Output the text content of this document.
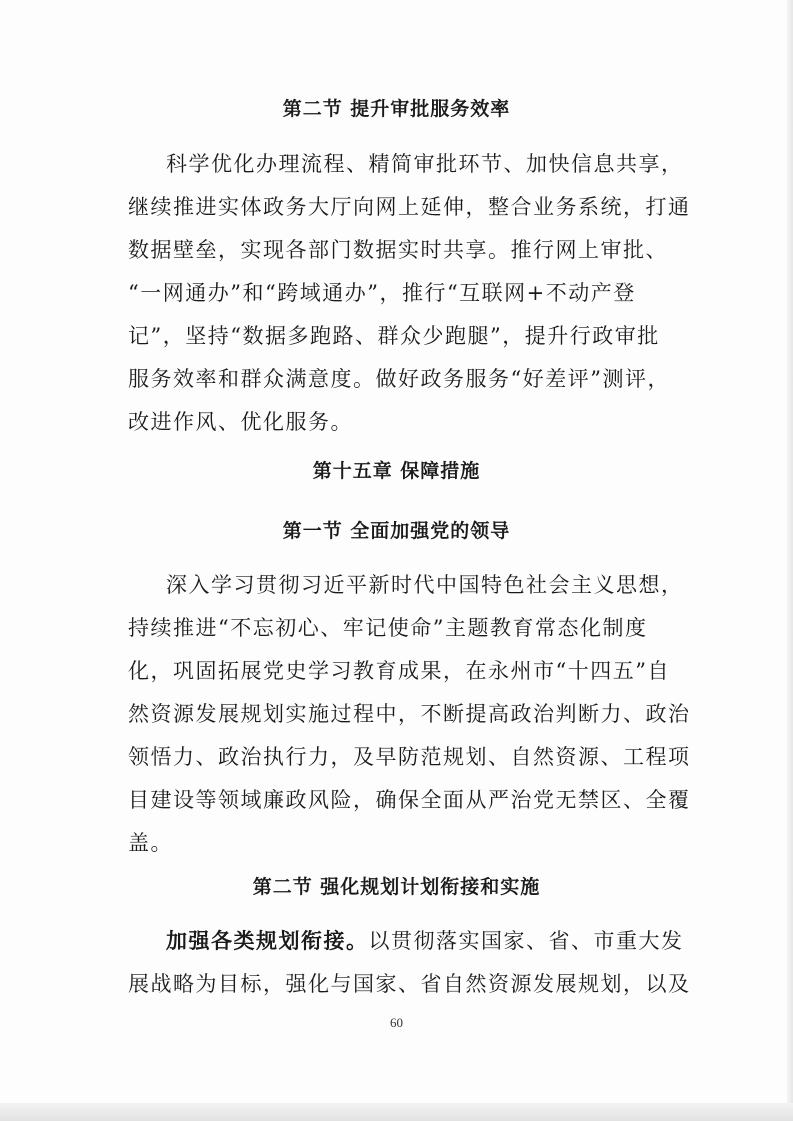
第二节 提升审批服务效率
科学优化办理流程、精简审批环节、加快信息共享，
继续推进实体政务大厅向网上延伸，整合业务系统，打通
数据壁垒，实现各部门数据实时共享。推行网上审批、
“一网通办”和“跨域通办”，推行“互联网+不动产登
记”，坚持“数据多跑路、群众少跑腿”，提升行政审批
服务效率和群众满意度。做好政务服务“好差评”测评，
改进作风、优化服务。
第十五章 保障措施
第一节 全面加强党的领导
深入学习贯彻习近平新时代中国特色社会主义思想，
持续推进“不忘初心、牢记使命”主题教育常态化制度
化，巩固拓展党史学习教育成果，在永州市“十四五”自
然资源发展规划实施过程中，不断提高政治判断力、政治
领悟力、政治执行力，及早防范规划、自然资源、工程项
目建设等领域廉政风险，确保全面从严治党无禁区、全覆
盖。
第二节 强化规划计划衔接和实施
加强各类规划衔接。以贯彻落实国家、省、市重大发
展战略为目标，强化与国家、省自然资源发展规划，以及
60
